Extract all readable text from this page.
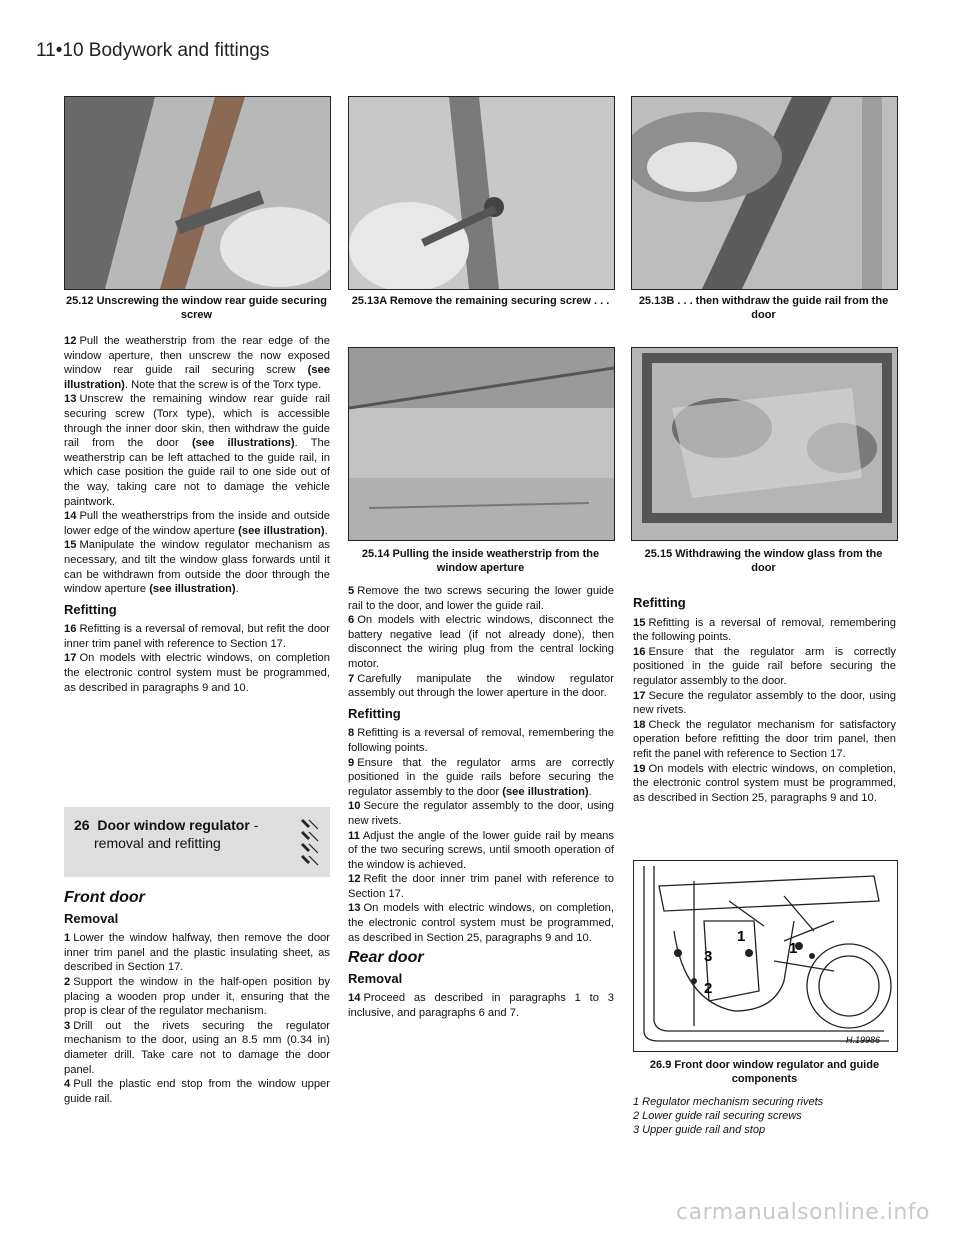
11•10 Bodywork and fittings
25.12 Unscrewing the window rear guide securing screw
25.13A Remove the remaining securing screw . . .	25.13B . . . then withdraw the guide rail from the door
25.14 Pulling the inside weatherstrip from the window aperture
25.15 Withdrawing the window glass from the door

12 Pull the weatherstrip from the rear edge of the window aperture, then unscrew the now exposed window rear guide rail securing screw (see illustration). Note that the screw is of the Torx type.

13 Unscrew the remaining window rear guide rail securing screw (Torx type), which is accessible through the inner door skin, then withdraw the guide rail from the door (see illustrations). The weatherstrip can be left attached to the guide rail, in which case position the guide rail to one side out of the way, taking care not to damage the vehicle paintwork.

14 Pull the weatherstrips from the inside and outside lower edge of the window aperture (see illustration).

15 Manipulate the window regulator mechanism as necessary, and tilt the window glass forwards until it can be withdrawn from outside the door through the window aperture (see illustration).

Refitting

16 Refitting is a reversal of removal, but refit the door inner trim panel with reference to Section 17.

17 On models with electric windows, on completion the electronic control system must be programmed, as described in paragraphs 9 and 10.

26 Door window regulator -
removal and refitting
Front door
Removal

1 Lower the window halfway, then remove the door inner trim panel and the plastic insulating sheet, as described in Section 17.

2 Support the window in the half-open position by placing a wooden prop under it, ensuring that the prop is clear of the regulator mechanism.

3 Drill out the rivets securing the regulator mechanism to the door, using an 8.5 mm (0.34 in) diameter drill. Take care not to damage the door panel.

4 Pull the plastic end stop from the window upper guide rail.

5 Remove the two screws securing the lower guide rail to the door, and lower the guide rail.

6 On models with electric windows, disconnect the battery negative lead (if not already done), then disconnect the wiring plug from the central locking motor.

7 Carefully manipulate the window regulator assembly out through the lower aperture in the door.

Refitting

8 Refitting is a reversal of removal, remembering the following points.

9 Ensure that the regulator arms are correctly positioned in the guide rails before securing the regulator assembly to the door (see illustration).

10 Secure the regulator assembly to the door, using new rivets.

11 Adjust the angle of the lower guide rail by means of the two securing screws, until smooth operation of the window is achieved.

12 Refit the door inner trim panel with reference to Section 17.

13 On models with electric windows, on completion, the electronic control system must be programmed, as described in Section 25, paragraphs 9 and 10.

Rear door
Removal

14 Proceed as described in paragraphs 1 to 3 inclusive, and paragraphs 6 and 7.

Refitting

15 Refitting is a reversal of removal, remembering the following points.

16 Ensure that the regulator arm is correctly positioned in the guide rail before securing the regulator assembly to the door.

17 Secure the regulator assembly to the door, using new rivets.

18 Check the regulator mechanism for satisfactory operation before refitting the door trim panel, then refit the panel with reference to Section 17.

19 On models with electric windows, on completion, the electronic control system must be programmed, as described in Section 25, paragraphs 9 and 10.

3
2
1
1
H.19986
26.9 Front door window regulator and guide components
1 Regulator mechanism securing rivets
2 Lower guide rail securing screws
3 Upper guide rail and stop
carmanualsonline.info
